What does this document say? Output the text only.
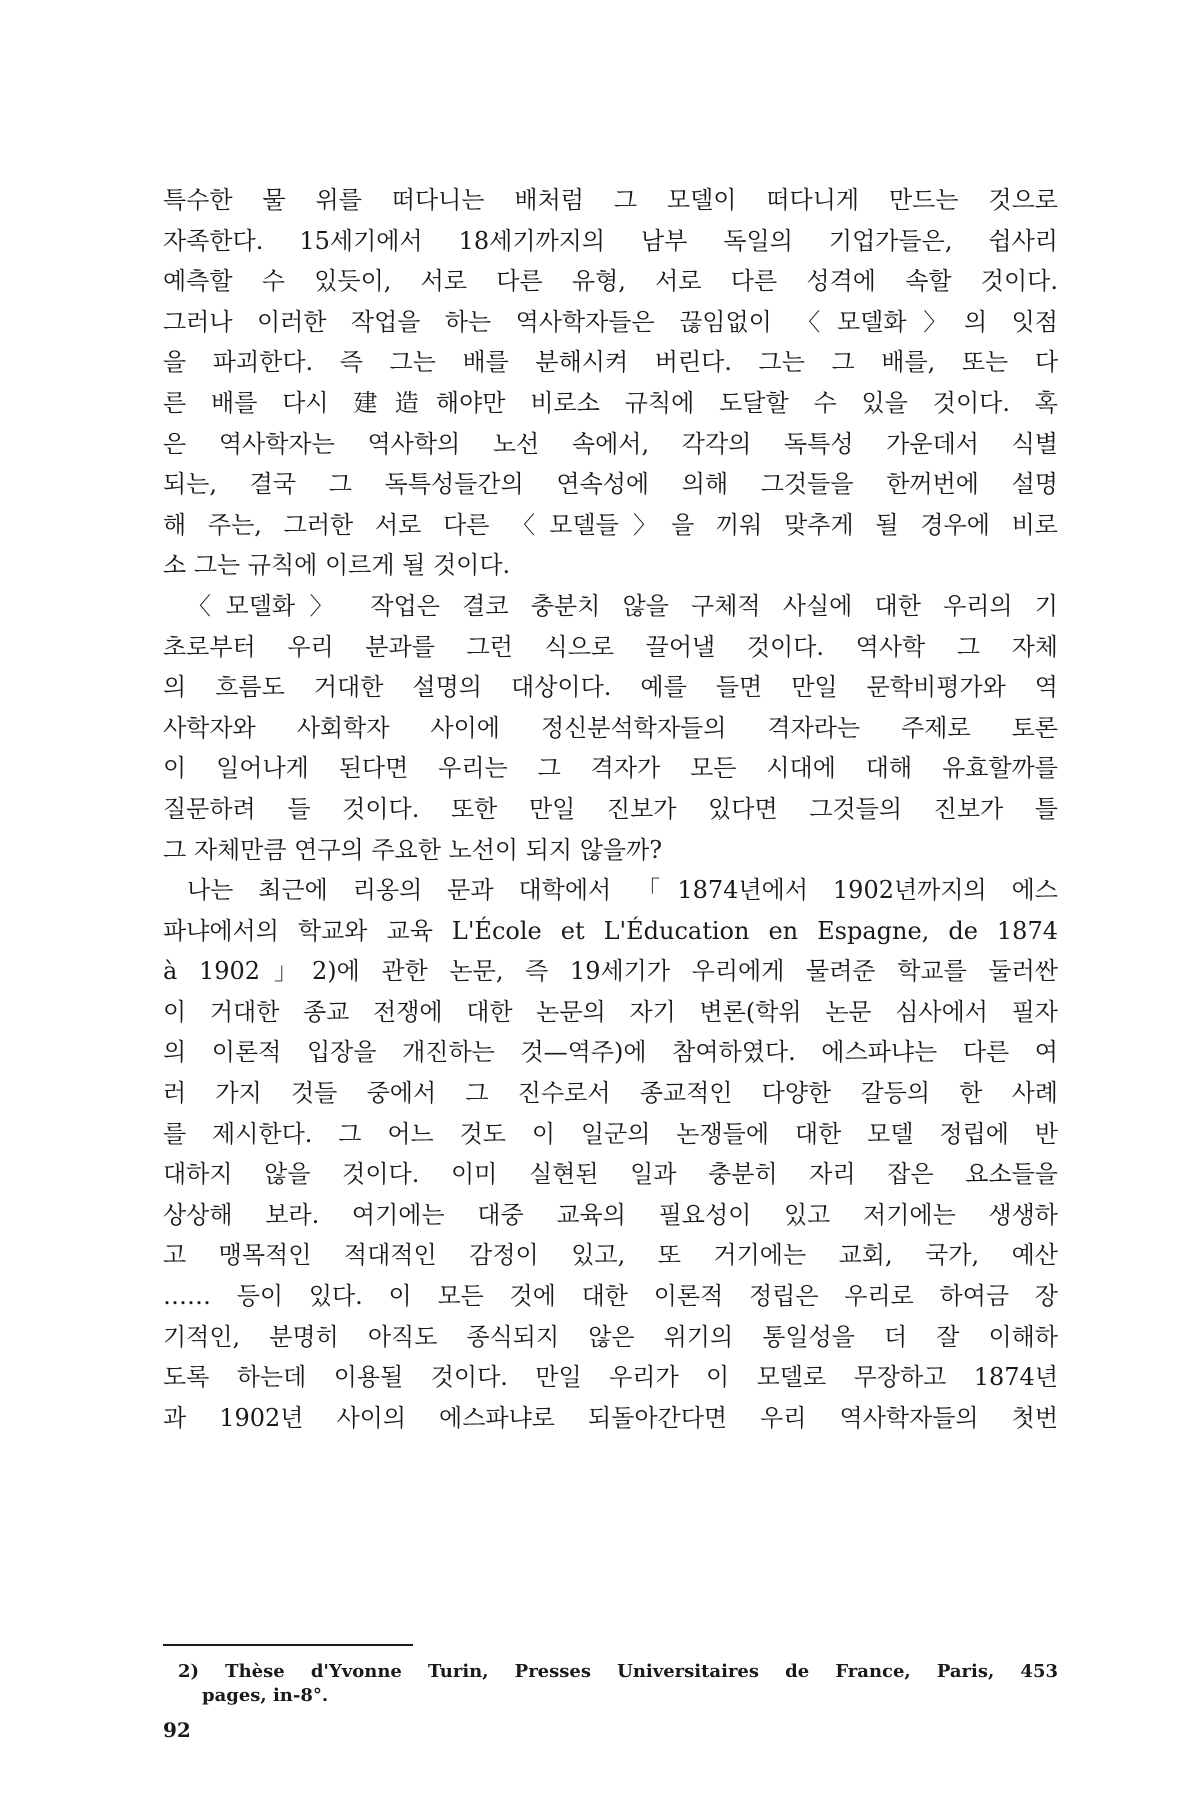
특수한 물 위를 떠다니는 배처럼 그 모델이 떠다니게 만드는 것으로
자족한다. 15세기에서 18세기까지의 남부 독일의 기업가들은, 쉽사리
예측할 수 있듯이, 서로 다른 유형, 서로 다른 성격에 속할 것이다.
그러나 이러한 작업을 하는 역사학자들은 끊임없이 〈모델화〉의 잇점
을 파괴한다. 즉 그는 배를 분해시켜 버린다. 그는 그 배를, 또는 다
른 배를 다시 建造해야만 비로소 규칙에 도달할 수 있을 것이다. 혹
은 역사학자는 역사학의 노선 속에서, 각각의 독특성 가운데서 식별
되는, 결국 그 독특성들간의 연속성에 의해 그것들을 한꺼번에 설명
해 주는, 그러한 서로 다른 〈모델들〉을 끼워 맞추게 될 경우에 비로
소 그는 규칙에 이르게 될 것이다.
〈모델화〉 작업은 결코 충분치 않을 구체적 사실에 대한 우리의 기
초로부터 우리 분과를 그런 식으로 끌어낼 것이다. 역사학 그 자체
의 흐름도 거대한 설명의 대상이다. 예를 들면 만일 문학비평가와 역
사학자와 사회학자 사이에 정신분석학자들의 격자라는 주제로 토론
이 일어나게 된다면 우리는 그 격자가 모든 시대에 대해 유효할까를
질문하려 들 것이다. 또한 만일 진보가 있다면 그것들의 진보가 틀
그 자체만큼 연구의 주요한 노선이 되지 않을까?
나는 최근에 리옹의 문과 대학에서 「1874년에서 1902년까지의 에스
파냐에서의 학교와 교육 L'École et L'Éducation en Espagne, de 1874
à 1902」2)에 관한 논문, 즉 19세기가 우리에게 물려준 학교를 둘러싼
이 거대한 종교 전쟁에 대한 논문의 자기 변론(학위 논문 심사에서 필자
의 이론적 입장을 개진하는 것—역주)에 참여하였다. 에스파냐는 다른 여
러 가지 것들 중에서 그 진수로서 종교적인 다양한 갈등의 한 사례
를 제시한다. 그 어느 것도 이 일군의 논쟁들에 대한 모델 정립에 반
대하지 않을 것이다. 이미 실현된 일과 충분히 자리 잡은 요소들을
상상해 보라. 여기에는 대중 교육의 필요성이 있고 저기에는 생생하
고 맹목적인 적대적인 감정이 있고, 또 거기에는 교회, 국가, 예산
…… 등이 있다. 이 모든 것에 대한 이론적 정립은 우리로 하여금 장
기적인, 분명히 아직도 종식되지 않은 위기의 통일성을 더 잘 이해하
도록 하는데 이용될 것이다. 만일 우리가 이 모델로 무장하고 1874년
과 1902년 사이의 에스파냐로 되돌아간다면 우리 역사학자들의 첫번
2) Thèse d'Yvonne Turin, Presses Universitaires de France, Paris, 453
pages, in-8°.
92
